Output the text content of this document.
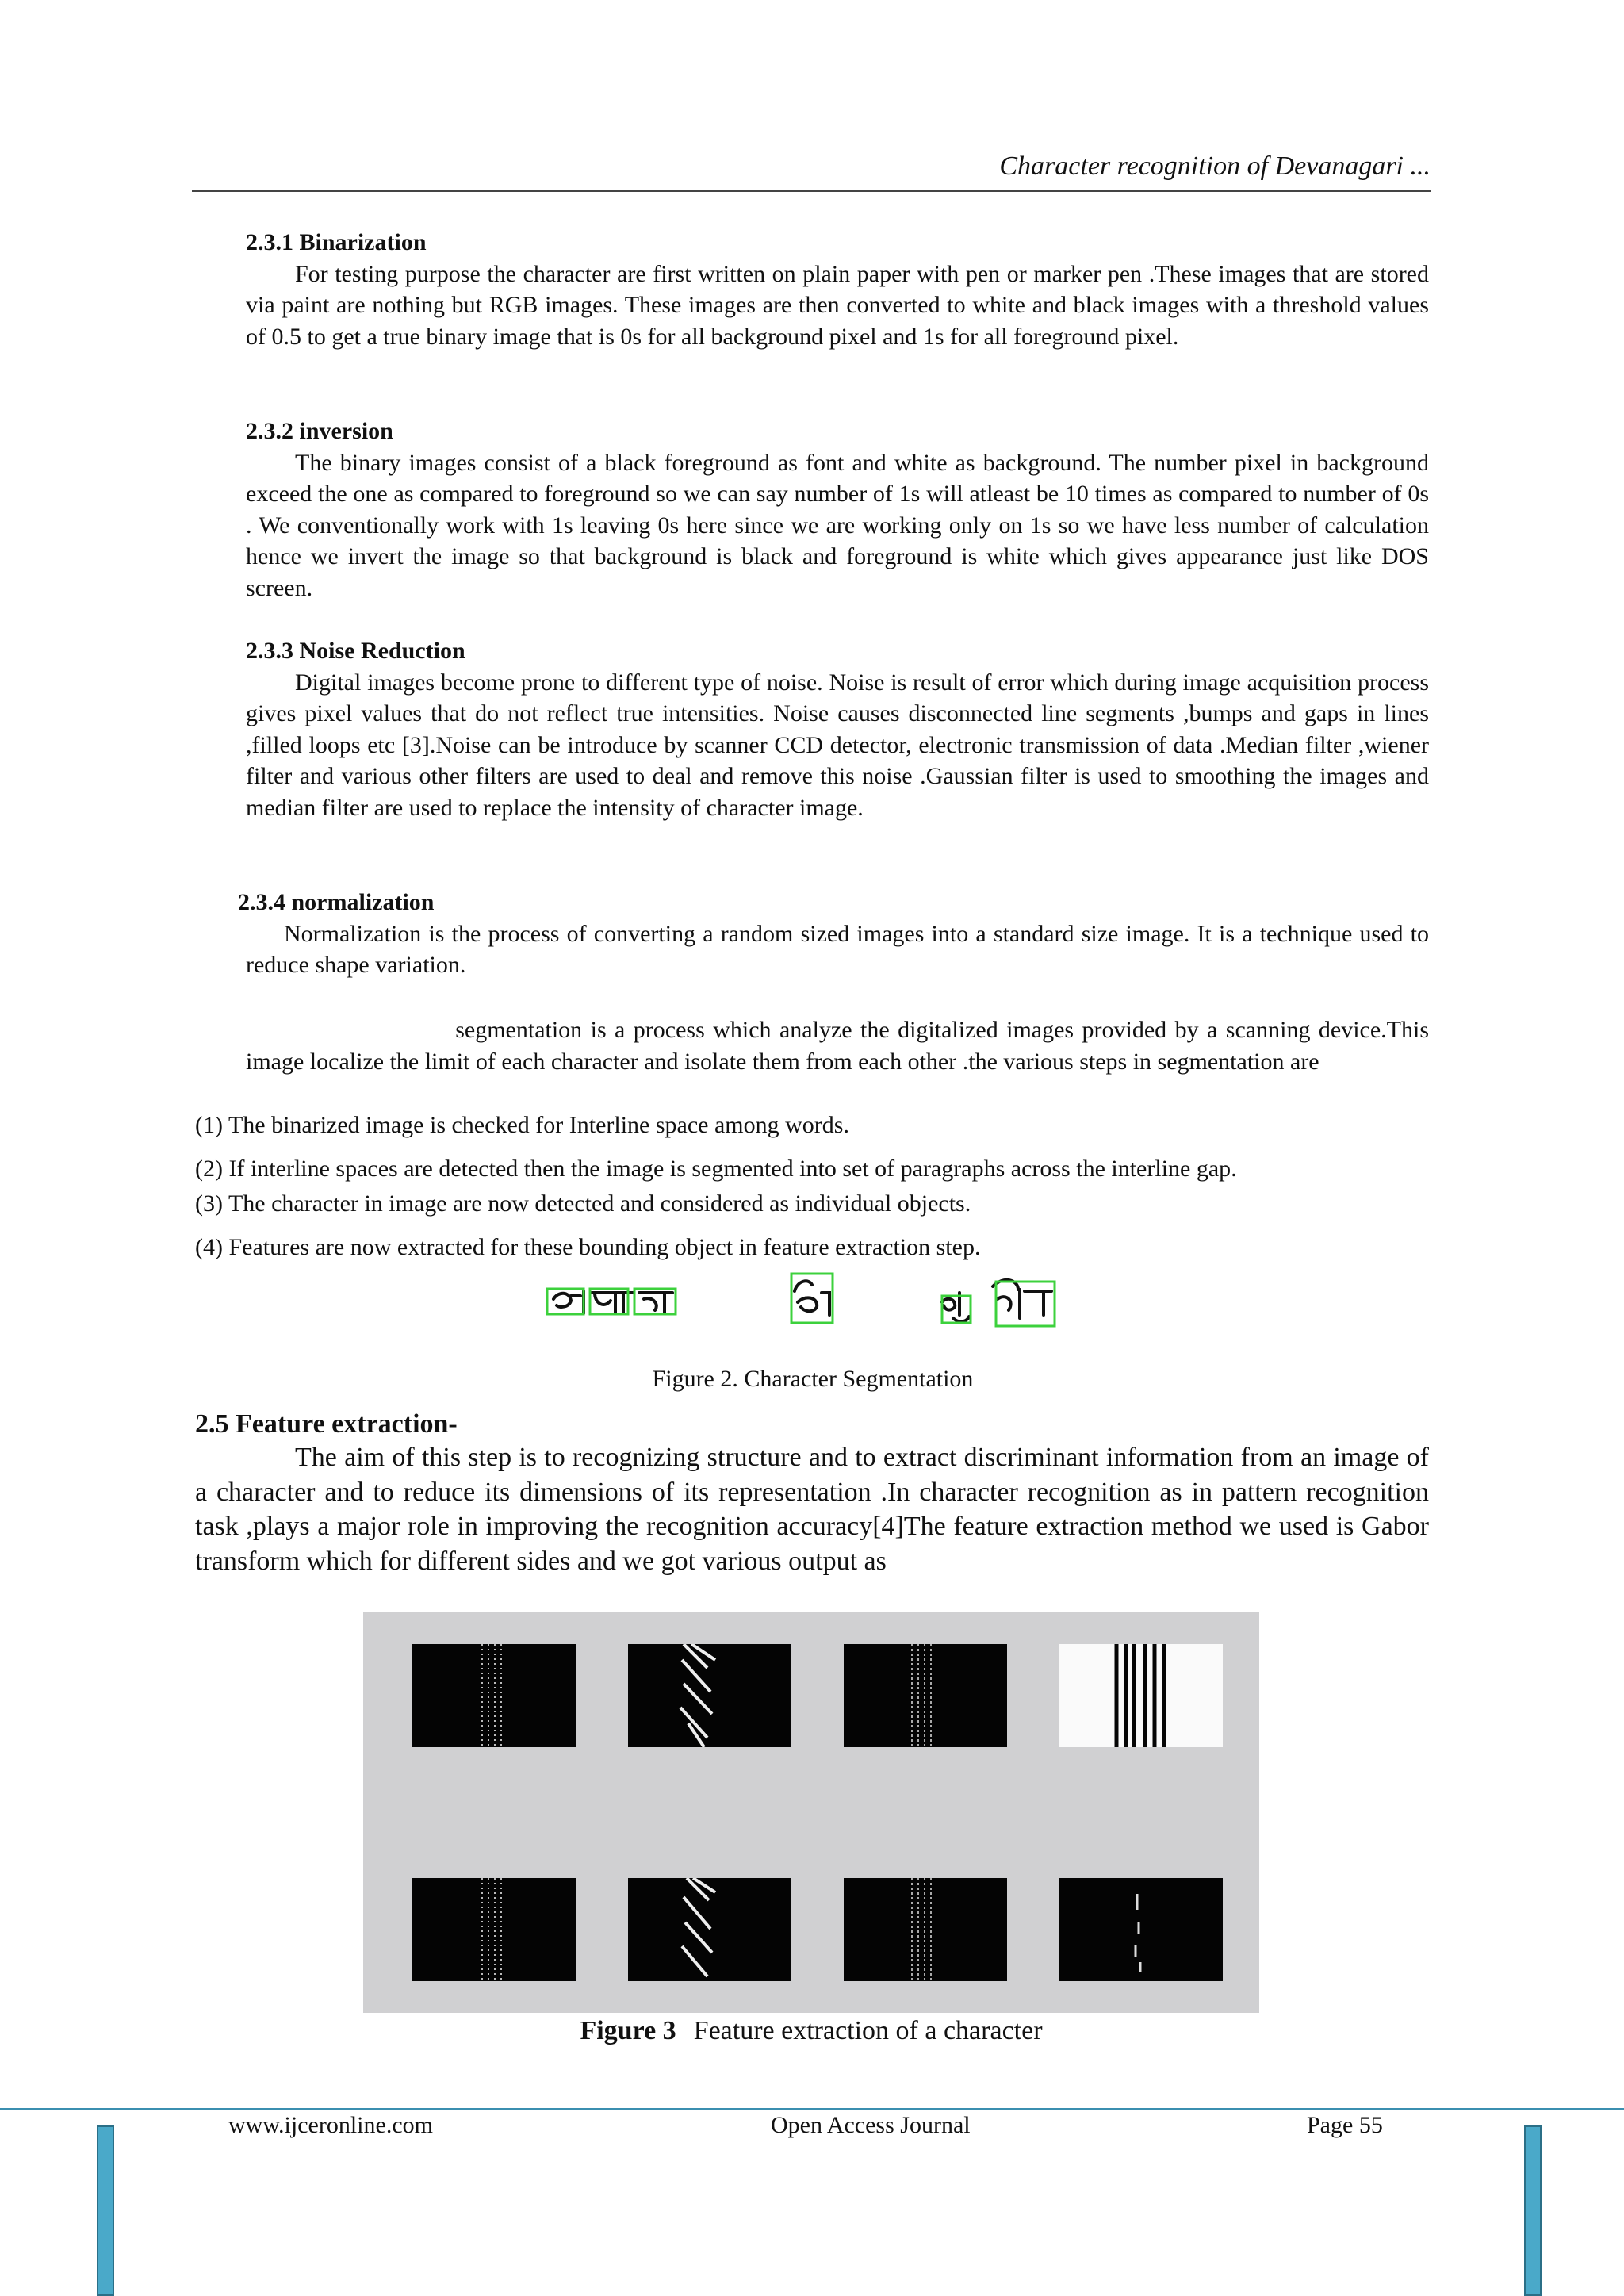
Character recognition of Devanagari ...
2.3.1 Binarization
For testing purpose the character are first written on plain paper with pen or marker pen .These images that are stored via paint are nothing but RGB images. These images are then converted to white and black images with a threshold values of 0.5 to get a true binary image that is 0s for all background pixel and 1s for all foreground pixel.
2.3.2 inversion
The binary images consist of a black foreground as font and white as background. The number pixel in background exceed the one as compared to foreground so we can say number of 1s will atleast be 10 times as compared to number of 0s . We conventionally work with 1s leaving 0s here since we are working only on 1s so we have less number of calculation hence we invert the image so that background is black and foreground is white which gives appearance just like DOS screen.
2.3.3 Noise Reduction
Digital images become prone to different type of noise. Noise is result of error which during image acquisition process gives pixel values that do not reflect true intensities. Noise causes disconnected line segments ,bumps and gaps in lines ,filled loops etc [3].Noise can be introduce by scanner CCD detector, electronic transmission of data .Median filter ,wiener filter and various other filters are used to deal and remove this noise .Gaussian filter is used to smoothing the images and median filter are used to replace the intensity of character image.
2.3.4 normalization
Normalization is the process of converting a random sized images into a standard size image. It is a technique used to reduce shape variation.
segmentation is a process which analyze the digitalized images provided by a scanning device.This image localize the limit of each character and isolate them from each other .the various steps in segmentation are
(1) The binarized image is checked for Interline space among words.
(2) If interline spaces are detected then the image is segmented into set of paragraphs across the interline gap.
(3) The character in image are now detected and considered as individual objects.
(4) Features are now extracted for these bounding object in feature extraction step.
Figure 2. Character Segmentation
2.5 Feature extraction-
The aim of this step is to recognizing structure and to extract discriminant information from an image of a character and to reduce its dimensions of its representation .In character recognition as in pattern recognition task ,plays a major role in improving the recognition accuracy[4]The feature extraction method we used is Gabor transform which for different sides and we got various output as
Figure 3 Feature extraction of a character
www.ijceronline.com	Open Access Journal	Page 55
